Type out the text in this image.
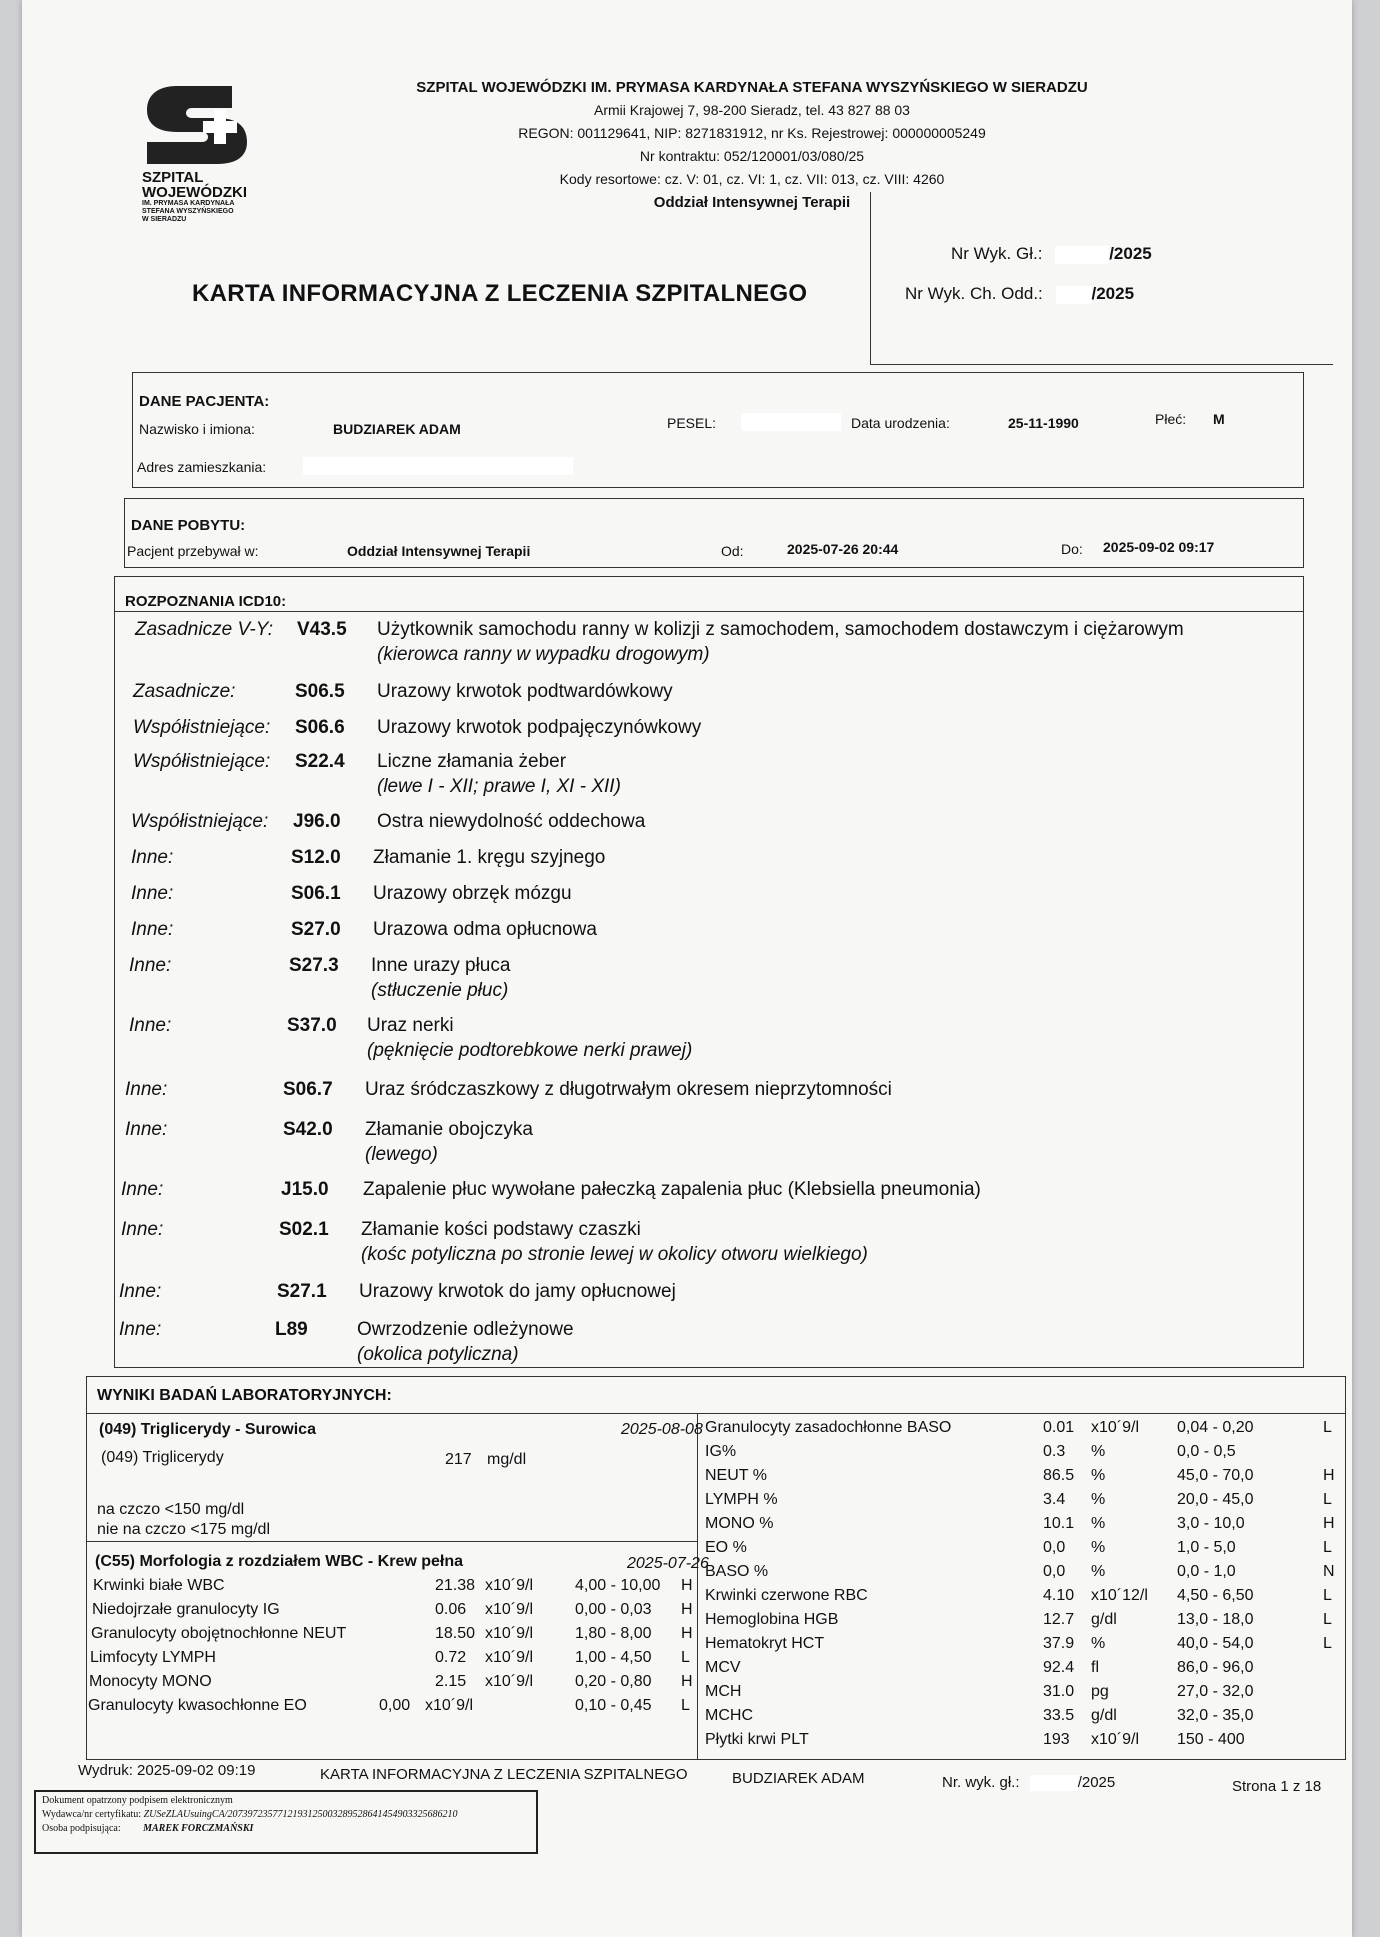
SZPITAL
WOJEWÓDZKI
IM. PRYMASA KARDYNAŁA
STEFANA WYSZYŃSKIEGO
W SIERADZU
SZPITAL WOJEWÓDZKI IM. PRYMASA KARDYNAŁA STEFANA WYSZYŃSKIEGO W SIERADZU
Armii Krajowej 7, 98-200 Sieradz, tel. 43 827 88 03
REGON: 001129641, NIP: 8271831912, nr Ks. Rejestrowej: 000000005249
Nr kontraktu: 052/120001/03/080/25
Kody resortowe: cz. V: 01, cz. VI: 1, cz. VII: 013, cz. VIII: 4260
Oddział Intensywnej Terapii
KARTA INFORMACYJNA Z LECZENIA SZPITALNEGO
Nr Wyk. Gł.:	/2025
Nr Wyk. Ch. Odd.:	/2025
DANE PACJENTA:
Nazwisko i imiona:	BUDZIAREK ADAM	PESEL:	Data urodzenia:	25-11-1990	Płeć: M
Adres zamieszkania:
DANE POBYTU:
Pacjent przebywał w:	Oddział Intensywnej Terapii	Od:	2025-07-26 20:44	Do: 2025-09-02 09:17
ROZPOZNANIA ICD10:
Zasadnicze V-Y:	V43.5 Użytkownik samochodu ranny w kolizji z samochodem, samochodem dostawczym i ciężarowym
(kierowca ranny w wypadku drogowym)
Zasadnicze:	S06.5 Urazowy krwotok podtwardówkowy
Współistniejące:	S06.6 Urazowy krwotok podpajęczynówkowy
Współistniejące:	S22.4 Liczne złamania żeber
(lewe I - XII; prawe I, XI - XII)
Współistniejące:	J96.0 Ostra niewydolność oddechowa
Inne:	S12.0 Złamanie 1. kręgu szyjnego
Inne:	S06.1 Urazowy obrzęk mózgu
Inne:	S27.0 Urazowa odma opłucnowa
Inne:	S27.3 Inne urazy płuca
(stłuczenie płuc)
Inne:	S37.0 Uraz nerki
(pęknięcie podtorebkowe nerki prawej)
Inne:	S06.7 Uraz śródczaszkowy z długotrwałym okresem nieprzytomności
Inne:	S42.0 Złamanie obojczyka
(lewego)
Inne:	J15.0 Zapalenie płuc wywołane pałeczką zapalenia płuc (Klebsiella pneumonia)
Inne:	S02.1 Złamanie kości podstawy czaszki
(kośc potyliczna po stronie lewej w okolicy otworu wielkiego)
Inne:	S27.1 Urazowy krwotok do jamy opłucnowej
Inne:	L89	Owrzodzenie odleżynowe
(okolica potyliczna)
WYNIKI BADAŃ LABORATORYJNYCH:
(049) Triglicerydy - Surowica	2025-08-08
(049) Triglicerydy	217 mg/dl
na czczo <150 mg/dl
nie na czczo <175 mg/dl
(C55) Morfologia z rozdziałem WBC - Krew pełna	2025-07-26
Krwinki białe WBC	21.38 x10´9/l	4,00 - 10,00 H
Niedojrzałe granulocyty IG	0.06 x10´9/l	0,00 - 0,03 H
Granulocyty obojętnochłonne NEUT	18.50 x10´9/l	1,80 - 8,00 H
Limfocyty LYMPH	0.72 x10´9/l	1,00 - 4,50 L
Monocyty MONO	2.15 x10´9/l	0,20 - 0,80 H
Granulocyty kwasochłonne EO	0,00 x10´9/l	0,10 - 0,45 L
Granulocyty zasadochłonne BASO	0.01 x10´9/l 0,04 - 0,20	L
IG%	0.3 %	0,0 - 0,5
NEUT %	86.5 %	45,0 - 70,0	H
LYMPH %	3.4 %	20,0 - 45,0	L
MONO %	10.1 %	3,0 - 10,0	H
EO %	0,0 %	1,0 - 5,0	L
BASO %	0,0 %	0,0 - 1,0	N
Krwinki czerwone RBC	4.10 x10´12/l 4,50 - 6,50	L
Hemoglobina HGB	12.7 g/dl	13,0 - 18,0	L
Hematokryt HCT	37.9 %	40,0 - 54,0	L
MCV	92.4 fl	86,0 - 96,0
MCH	31.0 pg	27,0 - 32,0
MCHC	33.5 g/dl	32,0 - 35,0
Płytki krwi PLT	193 x10´9/l 150 - 400
Wydruk: 2025-09-02 09:19	KARTA INFORMACYJNA Z LECZENIA SZPITALNEGO	BUDZIAREK ADAM	Nr. wyk. gł.:	/2025	Strona 1 z 18
Dokument opatrzony podpisem elektronicznym
Wydawca/nr certyfikatu: ZUSeZLAUsuingCA/2073972357712193125003289528641454903325686210
Osoba podpisująca: MAREK FORCZMAŃSKI
